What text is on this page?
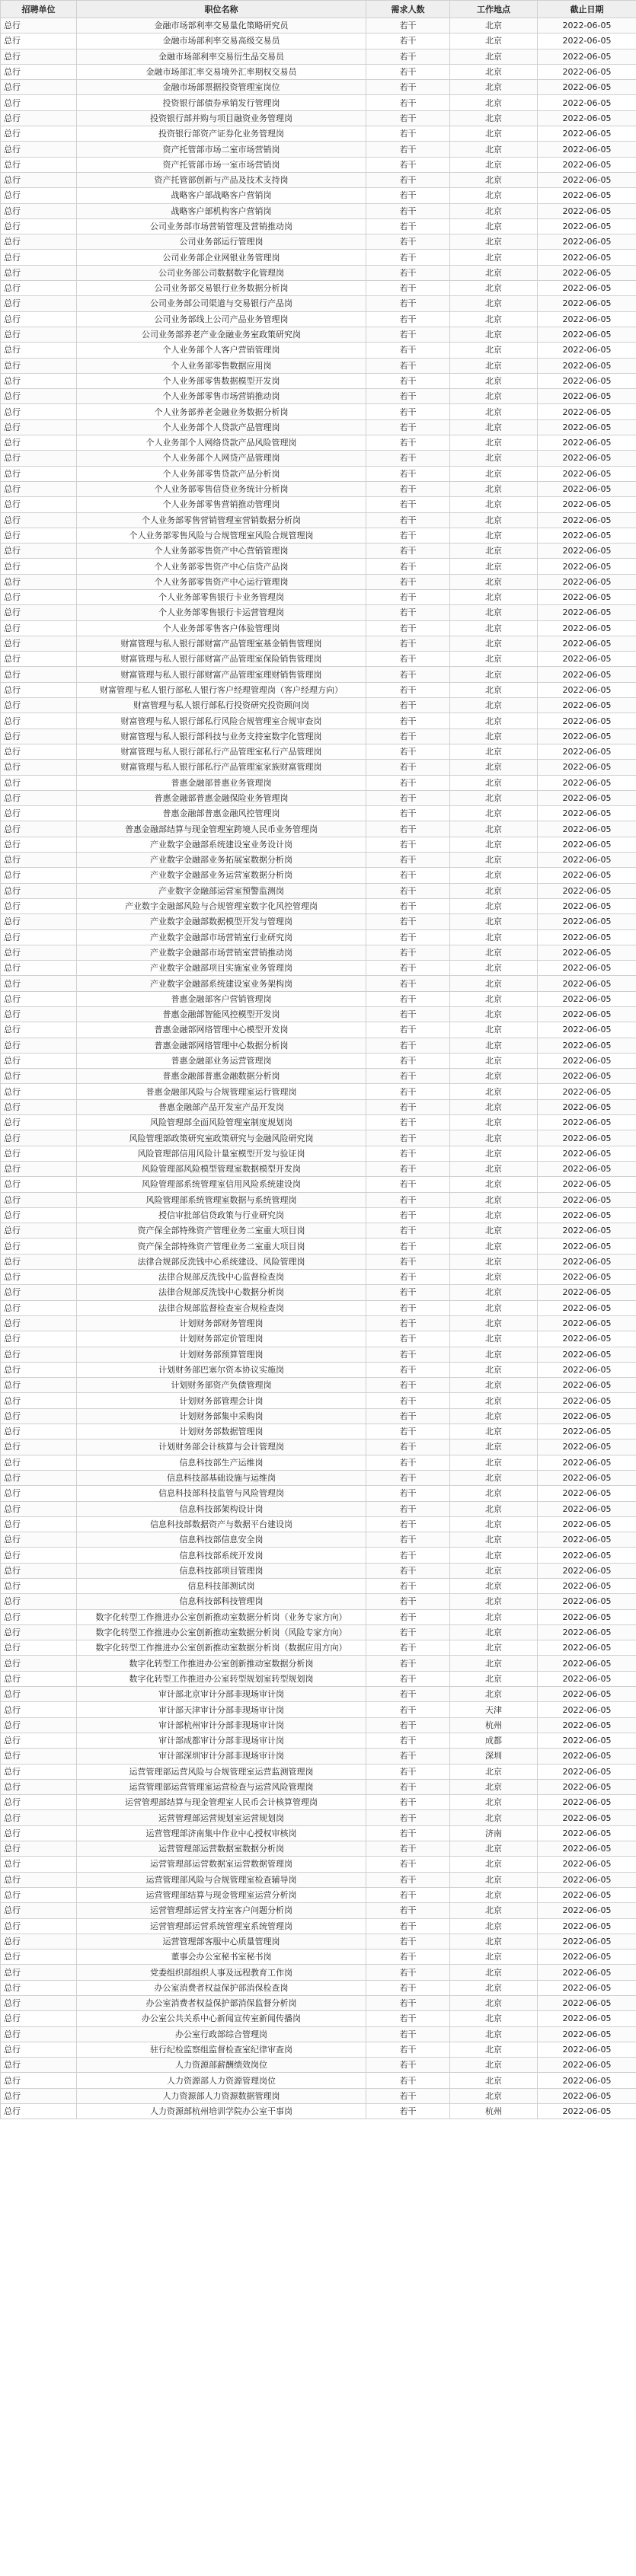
招聘单位	职位名称	需求人数	工作地点	截止日期
总行	金融市场部利率交易量化策略研究员	若干	北京	2022-06-05
总行	金融市场部利率交易高级交易员	若干	北京	2022-06-05
总行	金融市场部利率交易衍生品交易员	若干	北京	2022-06-05
总行	金融市场部汇率交易境外汇率期权交易员	若干	北京	2022-06-05
总行	金融市场部票据投资管理室岗位	若干	北京	2022-06-05
总行	投资银行部债券承销发行管理岗	若干	北京	2022-06-05
总行	投资银行部并购与项目融资业务管理岗	若干	北京	2022-06-05
总行	投资银行部资产证券化业务管理岗	若干	北京	2022-06-05
总行	资产托管部市场二室市场营销岗	若干	北京	2022-06-05
总行	资产托管部市场一室市场营销岗	若干	北京	2022-06-05
总行	资产托管部创新与产品及技术支持岗	若干	北京	2022-06-05
总行	战略客户部战略客户营销岗	若干	北京	2022-06-05
总行	战略客户部机构客户营销岗	若干	北京	2022-06-05
总行	公司业务部市场营销管理及营销推动岗	若干	北京	2022-06-05
总行	公司业务部运行管理岗	若干	北京	2022-06-05
总行	公司业务部企业网银业务管理岗	若干	北京	2022-06-05
总行	公司业务部公司数据数字化管理岗	若干	北京	2022-06-05
总行	公司业务部交易银行业务数据分析岗	若干	北京	2022-06-05
总行	公司业务部公司渠道与交易银行产品岗	若干	北京	2022-06-05
总行	公司业务部线上公司产品业务管理岗	若干	北京	2022-06-05
总行	公司业务部养老产业金融业务室政策研究岗	若干	北京	2022-06-05
总行	个人业务部个人客户营销管理岗	若干	北京	2022-06-05
总行	个人业务部零售数据应用岗	若干	北京	2022-06-05
总行	个人业务部零售数据模型开发岗	若干	北京	2022-06-05
总行	个人业务部零售市场营销推动岗	若干	北京	2022-06-05
总行	个人业务部养老金融业务数据分析岗	若干	北京	2022-06-05
总行	个人业务部个人贷款产品管理岗	若干	北京	2022-06-05
总行	个人业务部个人网络贷款产品风险管理岗	若干	北京	2022-06-05
总行	个人业务部个人网贷产品管理岗	若干	北京	2022-06-05
总行	个人业务部零售贷款产品分析岗	若干	北京	2022-06-05
总行	个人业务部零售信贷业务统计分析岗	若干	北京	2022-06-05
总行	个人业务部零售营销推动管理岗	若干	北京	2022-06-05
总行	个人业务部零售营销管理室营销数据分析岗	若干	北京	2022-06-05
总行	个人业务部零售风险与合规管理室风险合规管理岗	若干	北京	2022-06-05
总行	个人业务部零售资产中心营销管理岗	若干	北京	2022-06-05
总行	个人业务部零售资产中心信贷产品岗	若干	北京	2022-06-05
总行	个人业务部零售资产中心运行管理岗	若干	北京	2022-06-05
总行	个人业务部零售银行卡业务管理岗	若干	北京	2022-06-05
总行	个人业务部零售银行卡运营管理岗	若干	北京	2022-06-05
总行	个人业务部零售客户体验管理岗	若干	北京	2022-06-05
总行	财富管理与私人银行部财富产品管理室基金销售管理岗	若干	北京	2022-06-05
总行	财富管理与私人银行部财富产品管理室保险销售管理岗	若干	北京	2022-06-05
总行	财富管理与私人银行部财富产品管理室理财销售管理岗	若干	北京	2022-06-05
总行	财富管理与私人银行部私人银行客户经理管理岗（客户经理方向）	若干	北京	2022-06-05
总行	财富管理与私人银行部私行投资研究投资顾问岗	若干	北京	2022-06-05
总行	财富管理与私人银行部私行风险合规管理室合规审查岗	若干	北京	2022-06-05
总行	财富管理与私人银行部科技与业务支持室数字化管理岗	若干	北京	2022-06-05
总行	财富管理与私人银行部私行产品管理室私行产品管理岗	若干	北京	2022-06-05
总行	财富管理与私人银行部私行产品管理室家族财富管理岗	若干	北京	2022-06-05
总行	普惠金融部普惠业务管理岗	若干	北京	2022-06-05
总行	普惠金融部普惠金融保险业务管理岗	若干	北京	2022-06-05
总行	普惠金融部普惠金融风控管理岗	若干	北京	2022-06-05
总行	普惠金融部结算与现金管理室跨境人民币业务管理岗	若干	北京	2022-06-05
总行	产业数字金融部系统建设室业务设计岗	若干	北京	2022-06-05
总行	产业数字金融部业务拓展室数据分析岗	若干	北京	2022-06-05
总行	产业数字金融部业务运营室数据分析岗	若干	北京	2022-06-05
总行	产业数字金融部运营室预警监测岗	若干	北京	2022-06-05
总行	产业数字金融部风险与合规管理室数字化风控管理岗	若干	北京	2022-06-05
总行	产业数字金融部数据模型开发与管理岗	若干	北京	2022-06-05
总行	产业数字金融部市场营销室行业研究岗	若干	北京	2022-06-05
总行	产业数字金融部市场营销室营销推动岗	若干	北京	2022-06-05
总行	产业数字金融部项目实施室业务管理岗	若干	北京	2022-06-05
总行	产业数字金融部系统建设室业务架构岗	若干	北京	2022-06-05
总行	普惠金融部客户营销管理岗	若干	北京	2022-06-05
总行	普惠金融部智能风控模型开发岗	若干	北京	2022-06-05
总行	普惠金融部网络管理中心模型开发岗	若干	北京	2022-06-05
总行	普惠金融部网络管理中心数据分析岗	若干	北京	2022-06-05
总行	普惠金融部业务运营管理岗	若干	北京	2022-06-05
总行	普惠金融部普惠金融数据分析岗	若干	北京	2022-06-05
总行	普惠金融部风险与合规管理室运行管理岗	若干	北京	2022-06-05
总行	普惠金融部产品开发室产品开发岗	若干	北京	2022-06-05
总行	风险管理部全面风险管理室制度规划岗	若干	北京	2022-06-05
总行	风险管理部政策研究室政策研究与金融风险研究岗	若干	北京	2022-06-05
总行	风险管理部信用风险计量室模型开发与验证岗	若干	北京	2022-06-05
总行	风险管理部风险模型管理室数据模型开发岗	若干	北京	2022-06-05
总行	风险管理部系统管理室信用风险系统建设岗	若干	北京	2022-06-05
总行	风险管理部系统管理室数据与系统管理岗	若干	北京	2022-06-05
总行	授信审批部信贷政策与行业研究岗	若干	北京	2022-06-05
总行	资产保全部特殊资产管理业务二室重大项目岗	若干	北京	2022-06-05
总行	资产保全部特殊资产管理业务二室重大项目岗	若干	北京	2022-06-05
总行	法律合规部反洗钱中心系统建设、风险管理岗	若干	北京	2022-06-05
总行	法律合规部反洗钱中心监督检查岗	若干	北京	2022-06-05
总行	法律合规部反洗钱中心数据分析岗	若干	北京	2022-06-05
总行	法律合规部监督检查室合规检查岗	若干	北京	2022-06-05
总行	计划财务部财务管理岗	若干	北京	2022-06-05
总行	计划财务部定价管理岗	若干	北京	2022-06-05
总行	计划财务部预算管理岗	若干	北京	2022-06-05
总行	计划财务部巴塞尔资本协议实施岗	若干	北京	2022-06-05
总行	计划财务部资产负债管理岗	若干	北京	2022-06-05
总行	计划财务部管理会计岗	若干	北京	2022-06-05
总行	计划财务部集中采购岗	若干	北京	2022-06-05
总行	计划财务部数据管理岗	若干	北京	2022-06-05
总行	计划财务部会计核算与会计管理岗	若干	北京	2022-06-05
总行	信息科技部生产运维岗	若干	北京	2022-06-05
总行	信息科技部基础设施与运维岗	若干	北京	2022-06-05
总行	信息科技部科技监管与风险管理岗	若干	北京	2022-06-05
总行	信息科技部架构设计岗	若干	北京	2022-06-05
总行	信息科技部数据资产与数据平台建设岗	若干	北京	2022-06-05
总行	信息科技部信息安全岗	若干	北京	2022-06-05
总行	信息科技部系统开发岗	若干	北京	2022-06-05
总行	信息科技部项目管理岗	若干	北京	2022-06-05
总行	信息科技部测试岗	若干	北京	2022-06-05
总行	信息科技部科技管理岗	若干	北京	2022-06-05
总行	数字化转型工作推进办公室创新推动室数据分析岗（业务专家方向）	若干	北京	2022-06-05
总行	数字化转型工作推进办公室创新推动室数据分析岗（风险专家方向）	若干	北京	2022-06-05
总行	数字化转型工作推进办公室创新推动室数据分析岗（数据应用方向）	若干	北京	2022-06-05
总行	数字化转型工作推进办公室创新推动室数据分析岗	若干	北京	2022-06-05
总行	数字化转型工作推进办公室转型规划室转型规划岗	若干	北京	2022-06-05
总行	审计部北京审计分部非现场审计岗	若干	北京	2022-06-05
总行	审计部天津审计分部非现场审计岗	若干	天津	2022-06-05
总行	审计部杭州审计分部非现场审计岗	若干	杭州	2022-06-05
总行	审计部成都审计分部非现场审计岗	若干	成都	2022-06-05
总行	审计部深圳审计分部非现场审计岗	若干	深圳	2022-06-05
总行	运营管理部运营风险与合规管理室运营监测管理岗	若干	北京	2022-06-05
总行	运营管理部运营管理室运营检查与运营风险管理岗	若干	北京	2022-06-05
总行	运营管理部结算与现金管理室人民币会计核算管理岗	若干	北京	2022-06-05
总行	运营管理部运营规划室运营规划岗	若干	北京	2022-06-05
总行	运营管理部济南集中作业中心授权审核岗	若干	济南	2022-06-05
总行	运营管理部运营数据室数据分析岗	若干	北京	2022-06-05
总行	运营管理部运营数据室运营数据管理岗	若干	北京	2022-06-05
总行	运营管理部风险与合规管理室检查辅导岗	若干	北京	2022-06-05
总行	运营管理部结算与现金管理室运营分析岗	若干	北京	2022-06-05
总行	运营管理部运营支持室客户问题分析岗	若干	北京	2022-06-05
总行	运营管理部运营系统管理室系统管理岗	若干	北京	2022-06-05
总行	运营管理部客服中心质量管理岗	若干	北京	2022-06-05
总行	董事会办公室秘书室秘书岗	若干	北京	2022-06-05
总行	党委组织部组织人事及远程教育工作岗	若干	北京	2022-06-05
总行	办公室消费者权益保护部消保检查岗	若干	北京	2022-06-05
总行	办公室消费者权益保护部消保监督分析岗	若干	北京	2022-06-05
总行	办公室公共关系中心新闻宣传室新闻传播岗	若干	北京	2022-06-05
总行	办公室行政部综合管理岗	若干	北京	2022-06-05
总行	驻行纪检监察组监督检查室纪律审查岗	若干	北京	2022-06-05
总行	人力资源部薪酬绩效岗位	若干	北京	2022-06-05
总行	人力资源部人力资源管理岗位	若干	北京	2022-06-05
总行	人力资源部人力资源数据管理岗	若干	北京	2022-06-05
总行	人力资源部杭州培训学院办公室干事岗	若干	杭州	2022-06-05
